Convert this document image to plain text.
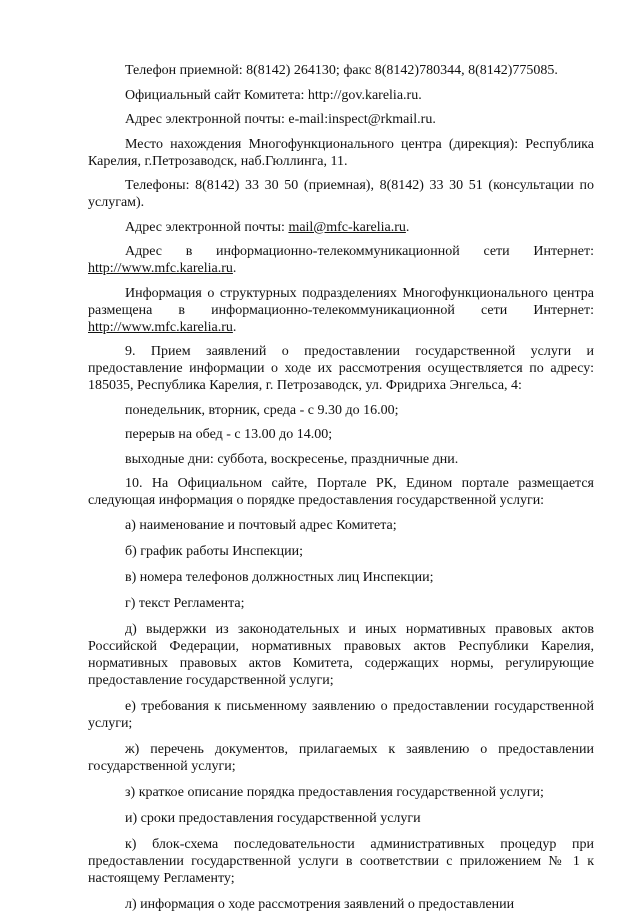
Телефон приемной: 8(8142) 264130; факс 8(8142)780344, 8(8142)775085.

Официальный сайт Комитета: http://gov.karelia.ru.

Адрес электронной почты: e-mail:inspect@rkmail.ru.

Место нахождения Многофункционального центра (дирекция): Республика Карелия, г.Петрозаводск, наб.Гюллинга, 11.

Телефоны: 8(8142) 33 30 50 (приемная), 8(8142) 33 30 51 (консультации по услугам).

Адрес электронной почты: mail@mfc-karelia.ru.

Адрес в информационно-телекоммуникационной сети Интернет: http://www.mfc.karelia.ru.

Информация о структурных подразделениях Многофункционального центра размещена в информационно-телекоммуникационной сети Интернет: http://www.mfc.karelia.ru.

9. Прием заявлений о предоставлении государственной услуги и предоставление информации о ходе их рассмотрения осуществляется по адресу: 185035, Республика Карелия, г. Петрозаводск, ул. Фридриха Энгельса, 4:

понедельник, вторник, среда - с 9.30 до 16.00;

перерыв на обед - с 13.00 до 14.00;

выходные дни: суббота, воскресенье, праздничные дни.

10. На Официальном сайте, Портале РК, Едином портале размещается следующая информация о порядке предоставления государственной услуги:

а) наименование и почтовый адрес Комитета;

б) график работы Инспекции;

в) номера телефонов должностных лиц Инспекции;

г) текст Регламента;

д) выдержки из законодательных и иных нормативных правовых актов Российской Федерации, нормативных правовых актов Республики Карелия, нормативных правовых актов Комитета, содержащих нормы, регулирующие предоставление государственной услуги;

е) требования к письменному заявлению о предоставлении государственной услуги;

ж) перечень документов, прилагаемых к заявлению о предоставлении государственной услуги;

з) краткое описание порядка предоставления государственной услуги;

и) сроки предоставления государственной услуги

к) блок-схема последовательности административных процедур при предоставлении государственной услуги в соответствии с приложением № 1 к настоящему Регламенту;

л) информация о ходе рассмотрения заявлений о предоставлении
